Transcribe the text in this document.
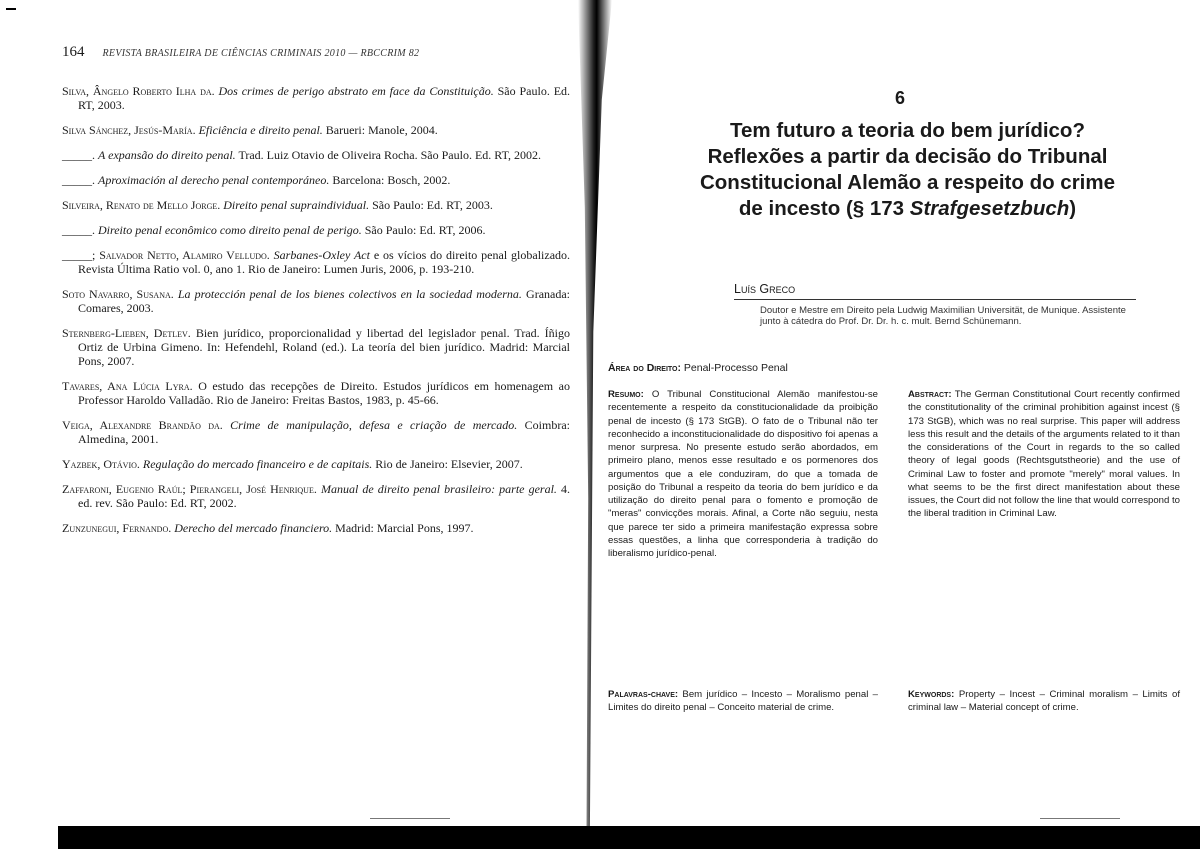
164 REVISTA BRASILEIRA DE CIÊNCIAS CRIMINAIS 2010 — RBCCRIM 82

Silva, Ângelo Roberto Ilha da. Dos crimes de perigo abstrato em face da Constituição. São Paulo. Ed. RT, 2003.

Silva Sánchez, Jesús-María. Eficiência e direito penal. Barueri: Manole, 2004.

_____. A expansão do direito penal. Trad. Luiz Otavio de Oliveira Rocha. São Paulo. Ed. RT, 2002.

_____. Aproximación al derecho penal contemporáneo. Barcelona: Bosch, 2002.

Silveira, Renato de Mello Jorge. Direito penal supraindividual. São Paulo: Ed. RT, 2003.

_____. Direito penal econômico como direito penal de perigo. São Paulo: Ed. RT, 2006.

_____; Salvador Netto, Alamiro Velludo. Sarbanes-Oxley Act e os vícios do direito penal globalizado. Revista Última Ratio vol. 0, ano 1. Rio de Janeiro: Lumen Juris, 2006, p. 193-210.

Soto Navarro, Susana. La protección penal de los bienes colectivos en la sociedad moderna. Granada: Comares, 2003.

Sternberg-Lieben, Detlev. Bien jurídico, proporcionalidad y libertad del legislador penal. Trad. Íñigo Ortiz de Urbina Gimeno. In: Hefendehl, Roland (ed.). La teoría del bien jurídico. Madrid: Marcial Pons, 2007.

Tavares, Ana Lúcia Lyra. O estudo das recepções de Direito. Estudos jurídicos em homenagem ao Professor Haroldo Valladão. Rio de Janeiro: Freitas Bastos, 1983, p. 45-66.

Veiga, Alexandre Brandão da. Crime de manipulação, defesa e criação de mercado. Coimbra: Almedina, 2001.

Yazbek, Otávio. Regulação do mercado financeiro e de capitais. Rio de Janeiro: Elsevier, 2007.

Zaffaroni, Eugenio Raúl; Pierangeli, José Henrique. Manual de direito penal brasileiro: parte geral. 4. ed. rev. São Paulo: Ed. RT, 2002.

Zunzunegui, Fernando. Derecho del mercado financiero. Madrid: Marcial Pons, 1997.

6
Tem futuro a teoria do bem jurídico?
Reflexões a partir da decisão do Tribunal
Constitucional Alemão a respeito do crime
de incesto (§ 173 Strafgesetzbuch)
Luís Greco
Doutor e Mestre em Direito pela Ludwig Maximilian Universität, de Munique. Assistente junto à cátedra do Prof. Dr. Dr. h. c. mult. Bernd Schünemann.
Área do Direito: Penal-Processo Penal

Resumo: O Tribunal Constitucional Alemão manifestou-se recentemente a respeito da constitucionalidade da proibição penal de incesto (§ 173 StGB). O fato de o Tribunal não ter reconhecido a inconstitucionalidade do dispositivo foi apenas a menor surpresa. No presente estudo serão abordados, em primeiro plano, menos esse resultado e os pormenores dos argumentos que a ele conduziram, do que a tomada de posição do Tribunal a respeito da teoria do bem jurídico e da utilização do direito penal para o fomento e promoção de "meras" convicções morais. Afinal, a Corte não seguiu, nesta que parece ter sido a primeira manifestação expressa sobre essas questões, a linha que corresponderia à tradição do liberalismo jurídico-penal.

Abstract: The German Constitutional Court recently confirmed the constitutionality of the criminal prohibition against incest (§ 173 StGB), which was no real surprise. This paper will address less this result and the details of the arguments related to it than the considerations of the Court in regards to the so called theory of legal goods (Rechtsgutstheorie) and the use of Criminal Law to foster and promote "merely" moral values. In what seems to be the first direct manifestation about these issues, the Court did not follow the line that would correspond to the liberal tradition in Criminal Law.

Palavras-chave: Bem jurídico – Incesto – Moralismo penal – Limites do direito penal – Conceito material de crime.
Keywords: Property – Incest – Criminal moralism – Limits of criminal law – Material concept of crime.
